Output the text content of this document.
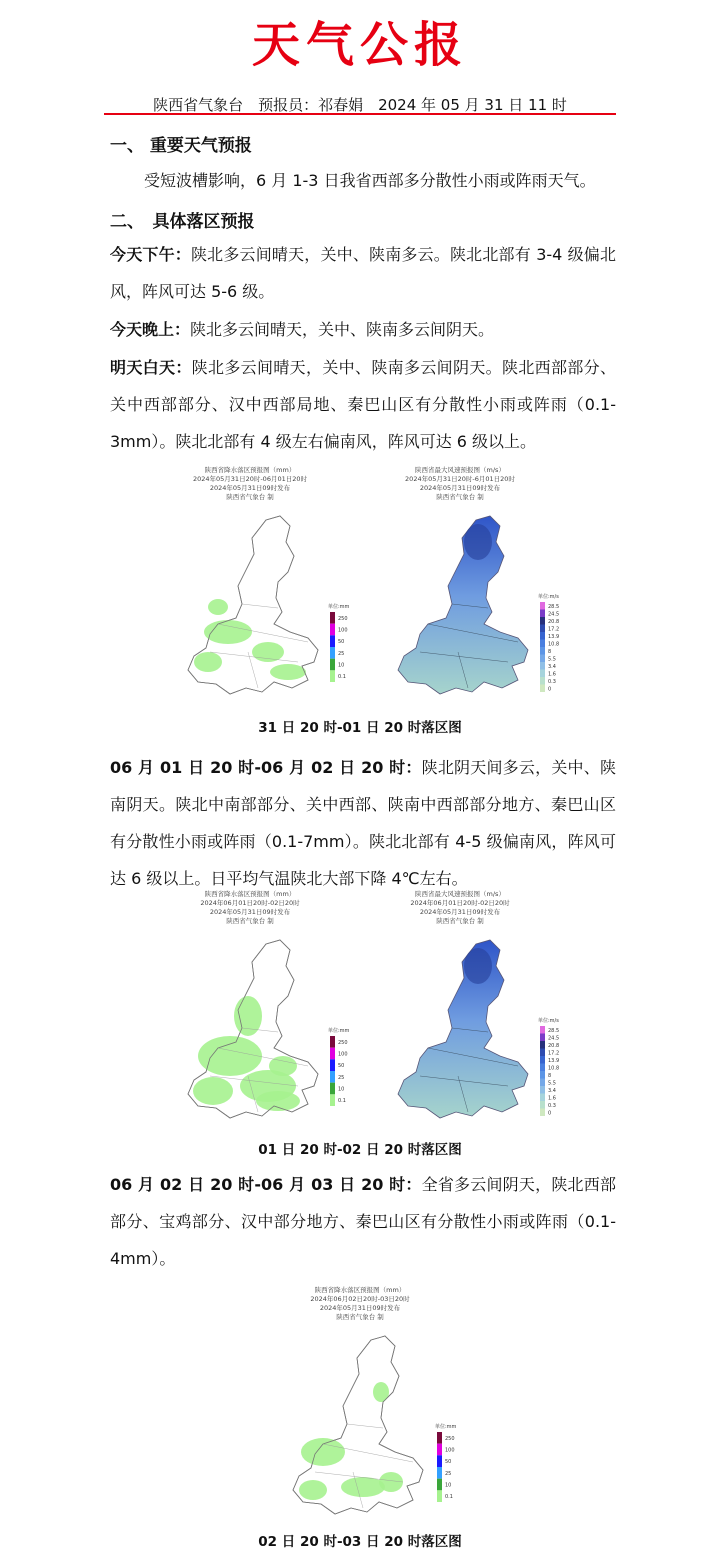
天气公报
陕西省气象台　预报员：祁春娟　2024 年 05 月 31 日 11 时
一、 重要天气预报
受短波槽影响，6 月 1-3 日我省西部多分散性小雨或阵雨天气。
二、　具体落区预报
今天下午：陕北多云间晴天，关中、陕南多云。陕北北部有 3-4 级偏北风，阵风可达 5-6 级。
今天晚上：陕北多云间晴天，关中、陕南多云间阴天。
明天白天：陕北多云间晴天，关中、陕南多云间阴天。陕北西部部分、关中西部部分、汉中西部局地、秦巴山区有分散性小雨或阵雨（0.1-3mm）。陕北北部有 4 级左右偏南风，阵风可达 6 级以上。
陕西省降水落区预报图（mm）
2024年05月31日20时-06月01日20时
2024年05月31日09时发布
陕西省气象台 制
单位:mm
250
100
50
25
10
0.1
陕西省最大风速预报图（m/s）
2024年05月31日20时-6月01日20时
2024年05月31日09时发布
陕西省气象台 制
单位:m/s
28.5
24.5
20.8
17.2
13.9
10.8
8
5.5
3.4
1.6
0.3
0
31 日 20 时-01 日 20 时落区图
06 月 01 日 20 时-06 月 02 日 20 时：陕北阴天间多云，关中、陕南阴天。陕北中南部部分、关中西部、陕南中西部部分地方、秦巴山区有分散性小雨或阵雨（0.1-7mm）。陕北北部有 4-5 级偏南风，阵风可达 6 级以上。日平均气温陕北大部下降 4℃左右。
陕西省降水落区预报图（mm）
2024年06月01日20时-02日20时
2024年05月31日09时发布
陕西省气象台 制
单位:mm
250
100
50
25
10
0.1
陕西省最大风速预报图（m/s）
2024年06月01日20时-02日20时
2024年05月31日09时发布
陕西省气象台 制
单位:m/s
28.5
24.5
20.8
17.2
13.9
10.8
8
5.5
3.4
1.6
0.3
0
01 日 20 时-02 日 20 时落区图
06 月 02 日 20 时-06 月 03 日 20 时：全省多云间阴天，陕北西部部分、宝鸡部分、汉中部分地方、秦巴山区有分散性小雨或阵雨（0.1-4mm）。
陕西省降水落区预报图（mm）
2024年06月02日20时-03日20时
2024年05月31日09时发布
陕西省气象台 制
单位:mm
250
100
50
25
10
0.1
02 日 20 时-03 日 20 时落区图
